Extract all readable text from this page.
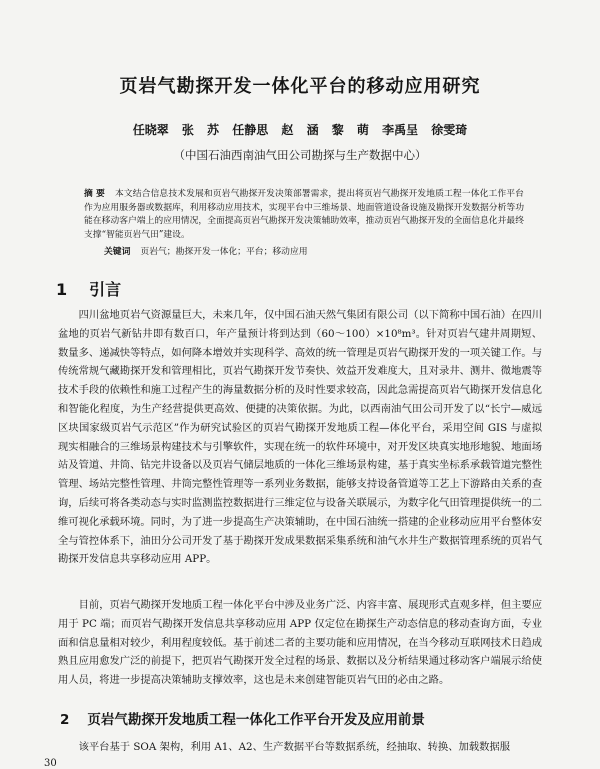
页岩气勘探开发一体化平台的移动应用研究

任晓翠 张 苏 任静思 赵 涵 黎 萌 李禹呈 徐雯琦

（中国石油西南油气田公司勘探与生产数据中心）

摘 要 本文结合信息技术发展和页岩气勘探开发决策部署需求，提出将页岩气勘探开发地质工程一体化工作平台作为应用服务器或数据库，利用移动应用技术，实现平台中三维场景、地面管道设备设施及勘探开发数据分析等功能在移动客户端上的应用情况，全面提高页岩气勘探开发决策辅助效率，推动页岩气勘探开发的全面信息化并最终支撑“智能页岩气田”建设。

关键词 页岩气；勘探开发一体化；平台；移动应用

1 引言

四川盆地页岩气资源量巨大，未来几年，仅中国石油天然气集团有限公司（以下简称中国石油）在四川盆地的页岩气新钻井即有数百口，年产量预计将到达到（60～100）×10⁸m³。针对页岩气建井周期短、数量多、递减快等特点，如何降本增效并实现科学、高效的统一管理是页岩气勘探开发的一项关键工作。与传统常规气藏勘探开发和管理相比，页岩气勘探开发节奏快、效益开发难度大，且对录井、测井、微地震等技术手段的依赖性和施工过程产生的海量数据分析的及时性要求较高，因此急需提高页岩气勘探开发信息化和智能化程度，为生产经营提供更高效、便捷的决策依据。为此，以西南油气田公司开发了以“长宁—威远区块国家级页岩气示范区”作为研究试验区的页岩气勘探开发地质工程—体化平台，采用空间 GIS 与虚拟现实相融合的三维场景构建技术与引擎软件，实现在统一的软件环境中，对开发区块真实地形地貌、地面场站及管道、井筒、钻完井设备以及页岩气储层地质的一体化三维场景构建，基于真实坐标系承载管道完整性管理、场站完整性管理、井筒完整性管理等一系列业务数据，能够支持设备管道等工艺上下游路由关系的查询，后续可将各类动态与实时监测监控数据进行三维定位与设备关联展示，为数字化气田管理提供统一的二维可视化承载环境。同时，为了进一步提高生产决策辅助，在中国石油统一搭建的企业移动应用平台整体安全与管控体系下，油田分公司开发了基于勘探开发成果数据采集系统和油气水井生产数据管理系统的页岩气勘探开发信息共享移动应用 APP。

目前，页岩气勘探开发地质工程一体化平台中涉及业务广泛、内容丰富、展现形式直观多样，但主要应用于 PC 端；而页岩气勘探开发信息共享移动应用 APP 仅定位在勘探生产动态信息的移动查询方面，专业面和信息量相对较少，利用程度较低。基于前述二者的主要功能和应用情况，在当今移动互联网技术日趋成熟且应用愈发广泛的前提下，把页岩气勘探开发全过程的场景、数据以及分析结果通过移动客户端展示给使用人员，将进一步提高决策辅助支撑效率，这也是未来创建智能页岩气田的必由之路。

2 页岩气勘探开发地质工程一体化工作平台开发及应用前景

该平台基于 SOA 架构，利用 A1、A2、生产数据平台等数据系统，经抽取、转换、加载数据服

30
